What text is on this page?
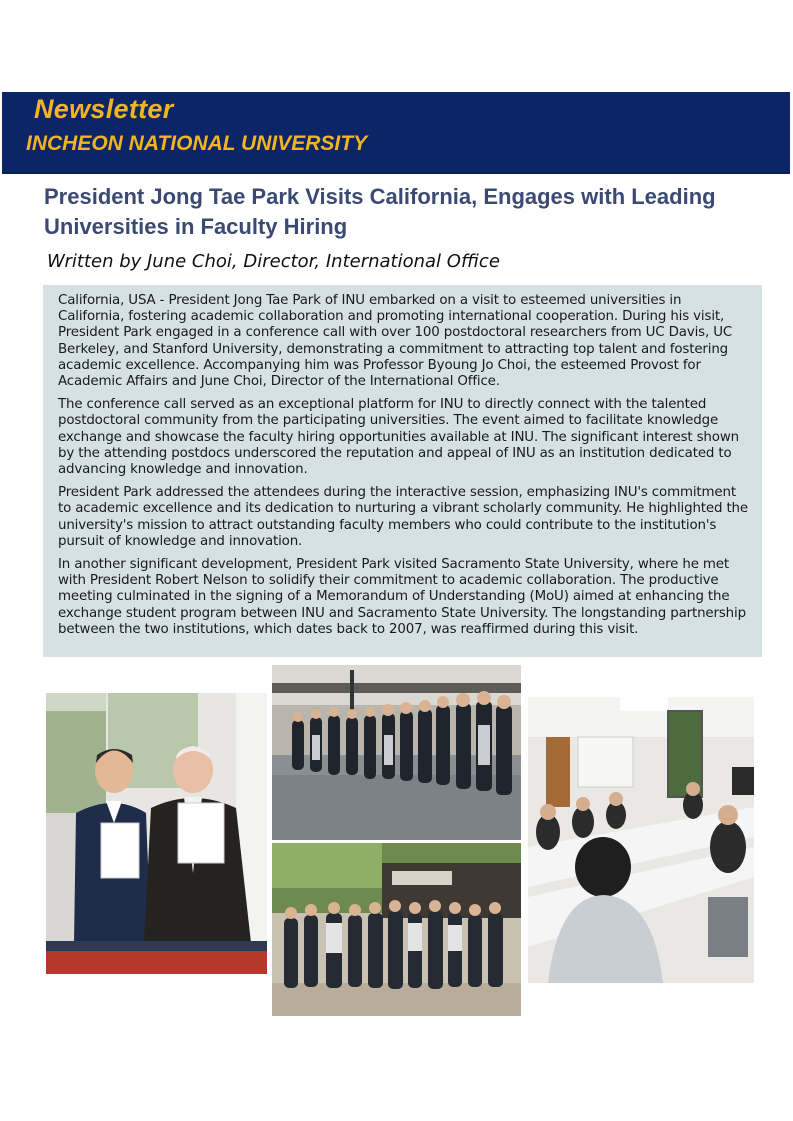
Newsletter
INCHEON NATIONAL UNIVERSITY
President Jong Tae Park Visits California, Engages with Leading Universities in Faculty Hiring
Written by June Choi, Director, International Office

California, USA - President Jong Tae Park of INU embarked on a visit to esteemed universities in California, fostering academic collaboration and promoting international cooperation. During his visit, President Park engaged in a conference call with over 100 postdoctoral researchers from UC Davis, UC Berkeley, and Stanford University, demonstrating a commitment to attracting top talent and fostering academic excellence. Accompanying him was Professor Byoung Jo Choi, the esteemed Provost for Academic Affairs and June Choi, Director of the International Office.

The conference call served as an exceptional platform for INU to directly connect with the talented postdoctoral community from the participating universities. The event aimed to facilitate knowledge exchange and showcase the faculty hiring opportunities available at INU. The significant interest shown by the attending postdocs underscored the reputation and appeal of INU as an institution dedicated to advancing knowledge and innovation.

President Park addressed the attendees during the interactive session, emphasizing INU's commitment to academic excellence and its dedication to nurturing a vibrant scholarly community. He highlighted the university's mission to attract outstanding faculty members who could contribute to the institution's pursuit of knowledge and innovation.

In another significant development, President Park visited Sacramento State University, where he met with President Robert Nelson to solidify their commitment to academic collaboration. The productive meeting culminated in the signing of a Memorandum of Understanding (MoU) aimed at enhancing the exchange student program between INU and Sacramento State University. The longstanding partnership between the two institutions, which dates back to 2007, was reaffirmed during this visit.
